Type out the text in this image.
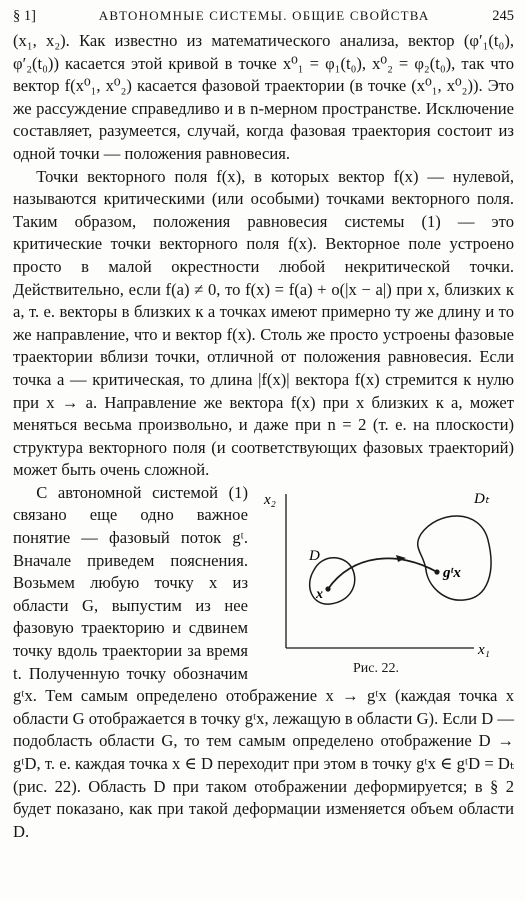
§ 1]	АВТОНОМНЫЕ СИСТЕМЫ. ОБЩИЕ СВОЙСТВА	245

(x₁, x₂). Как известно из математического анализа, вектор (φ′₁(t₀), φ′₂(t₀)) касается этой кривой в точке x⁰₁ = φ₁(t₀), x⁰₂ = φ₂(t₀), так что вектор f(x⁰₁, x⁰₂) касается фазовой траектории (в точке (x⁰₁, x⁰₂)). Это же рассуждение справедливо и в n-мерном пространстве. Исключение составляет, разумеется, случай, когда фазовая траектория состоит из одной точки — положения равновесия.

Точки векторного поля f(x), в которых вектор f(x) — нулевой, называются критическими (или особыми) точками векторного поля. Таким образом, положения равновесия системы (1) — это критические точки векторного поля f(x). Векторное поле устроено просто в малой окрестности любой некритической точки. Действительно, если f(a) ≠ 0, то f(x) = f(a) + o(|x − a|) при x, близких к a, т. е. векторы в близких к a точках имеют примерно ту же длину и то же направление, что и вектор f(x). Столь же просто устроены фазовые траектории вблизи точки, отличной от положения равновесия. Если точка a — критическая, то длина |f(x)| вектора f(x) стремится к нулю при x → a. Направление же вектора f(x) при x близких к a, может меняться весьма произвольно, и даже при n = 2 (т. е. на плоскости) структура векторного поля (и соответствующих фазовых траекторий) может быть очень сложной.

x₂
x₁
D
Dₜ
x
gᵗx
Рис. 22.

С автономной системой (1) связано еще одно важное понятие — фазовый поток gᵗ. Вначале приведем пояснения. Возьмем любую точку x из области G, выпустим из нее фазовую траекторию и сдвинем точку вдоль траектории за время t. Полученную точку обозначим gᵗx. Тем самым определено отображение x → gᵗx (каждая точка x области G отображается в точку gᵗx, лежащую в области G). Если D — подобласть области G, то тем самым определено отображение D → gᵗD, т. е. каждая точка x ∈ D переходит при этом в точку gᵗx ∈ gᵗD = Dₜ (рис. 22). Область D при таком отображении деформируется; в § 2 будет показано, как при такой деформации изменяется объем области D.
